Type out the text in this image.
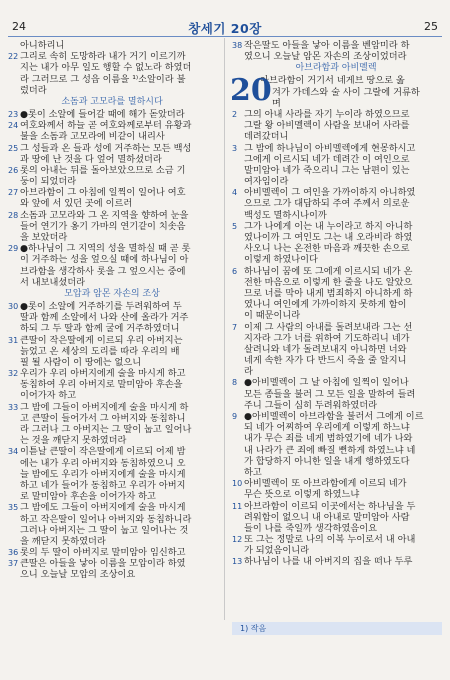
24	창세기 20장	25
아니하리니
22 그리로 속히 도망하라 내가 거기 이르기까
지는 내가 아무 일도 행할 수 없노라 하였더
라 그러므로 그 성읍 이름을 ¹⁾소알이라 불
렀더라
소돔과 고모라를 멸하시다
23 ●롯이 소알에 들어갈 때에 해가 돋았더라
24 여호와께서 하늘 곧 여호와께로부터 유황과
불을 소돔과 고모라에 비같이 내리사
25 그 성들과 온 들과 성에 거주하는 모든 백성
과 땅에 난 것을 다 엎어 멸하셨더라
26 롯의 아내는 뒤를 돌아보았으므로 소금 기
둥이 되었더라
27 아브라함이 그 아침에 일찍이 일어나 여호
와 앞에 서 있던 곳에 이르러
28 소돔과 고모라와 그 온 지역을 향하여 눈을
들어 연기가 옹기 가마의 연기같이 치솟음
을 보았더라
29 ●하나님이 그 지역의 성을 멸하실 때 곧 롯
이 거주하는 성을 엎으실 때에 하나님이 아
브라함을 생각하사 롯을 그 엎으시는 중에
서 내보내셨더라
모압과 암몬 자손의 조상
30 ●롯이 소알에 거주하기를 두려워하여 두
딸과 함께 소알에서 나와 산에 올라가 거주
하되 그 두 딸과 함께 굴에 거주하였더니
31 큰딸이 작은딸에게 이르되 우리 아버지는
늙었고 온 세상의 도리를 따라 우리의 배
필 될 사람이 이 땅에는 없으니
32 우리가 우리 아버지에게 술을 마시게 하고
동침하여 우리 아버지로 말미암아 후손을
이어가자 하고
33 그 밤에 그들이 아버지에게 술을 마시게 하
고 큰딸이 들어가서 그 아버지와 동침하니
라 그러나 그 아버지는 그 딸이 눕고 일어나
는 것을 깨닫지 못하였더라
34 이튿날 큰딸이 작은딸에게 이르되 어제 밤
에는 내가 우리 아버지와 동침하였으니 오
늘 밤에도 우리가 아버지에게 술을 마시게
하고 네가 들어가 동침하고 우리가 아버지
로 말미암아 후손을 이어가자 하고
35 그 밤에도 그들이 아버지에게 술을 마시게
하고 작은딸이 일어나 아버지와 동침하니라
그러나 아버지는 그 딸이 눕고 일어나는 것
을 깨닫지 못하였더라
36 롯의 두 딸이 아버지로 말미암아 임신하고
37 큰딸은 아들을 낳아 이름을 모압이라 하였
으니 오늘날 모압의 조상이요
38 작은딸도 아들을 낳아 이름을 벤암미라 하
였으니 오늘날 암몬 자손의 조상이었더라
아브라함과 아비멜렉
20
아브라함이 거기서 네게브 땅으로 옮
겨가 가데스와 술 사이 그랄에 거류하
며
2 그의 아내 사라를 자기 누이라 하였으므로
그랄 왕 아비멜렉이 사람을 보내어 사라를
데려갔더니
3 그 밤에 하나님이 아비멜렉에게 현몽하시고
그에게 이르시되 네가 데려간 이 여인으로
말미암아 네가 죽으리니 그는 남편이 있는
여자임이라
4 아비멜렉이 그 여인을 가까이하지 아니하였
으므로 그가 대답하되 주여 주께서 의로운
백성도 멸하시나이까
5 그가 나에게 이는 내 누이라고 하지 아니하
였나이까 그 여인도 그는 내 오라비라 하였
사오니 나는 온전한 마음과 깨끗한 손으로
이렇게 하였나이다
6 하나님이 꿈에 또 그에게 이르시되 네가 온
전한 마음으로 이렇게 한 줄을 나도 알았으
므로 너를 막아 내게 범죄하지 아니하게 하
였나니 여인에게 가까이하지 못하게 함이
이 때문이니라
7 이제 그 사람의 아내를 돌려보내라 그는 선
지자라 그가 너를 위하여 기도하리니 네가
살려니와 네가 돌려보내지 아니하면 너와
네게 속한 자가 다 반드시 죽을 줄 알지니
라
8 ●아비멜렉이 그 날 아침에 일찍이 일어나
모든 종들을 불러 그 모든 일을 말하여 들려
주니 그들이 심히 두려워하였더라
9 ●아비멜렉이 아브라함을 불러서 그에게 이르
되 네가 어찌하여 우리에게 이렇게 하느냐
내가 무슨 죄를 네게 범하였기에 네가 나와
내 나라가 큰 죄에 빠질 뻔하게 하였느냐 네
가 합당하지 아니한 일을 내게 행하였도다
하고
10 아비멜렉이 또 아브라함에게 이르되 네가
무슨 뜻으로 이렇게 하였느냐
11 아브라함이 이르되 이곳에서는 하나님을 두
려워함이 없으니 내 아내로 말미암아 사람
들이 나를 죽일까 생각하였음이요
12 또 그는 정말로 나의 이복 누이로서 내 아내
가 되었음이니라
13 하나님이 나를 내 아버지의 집을 떠나 두루
1) 작음
